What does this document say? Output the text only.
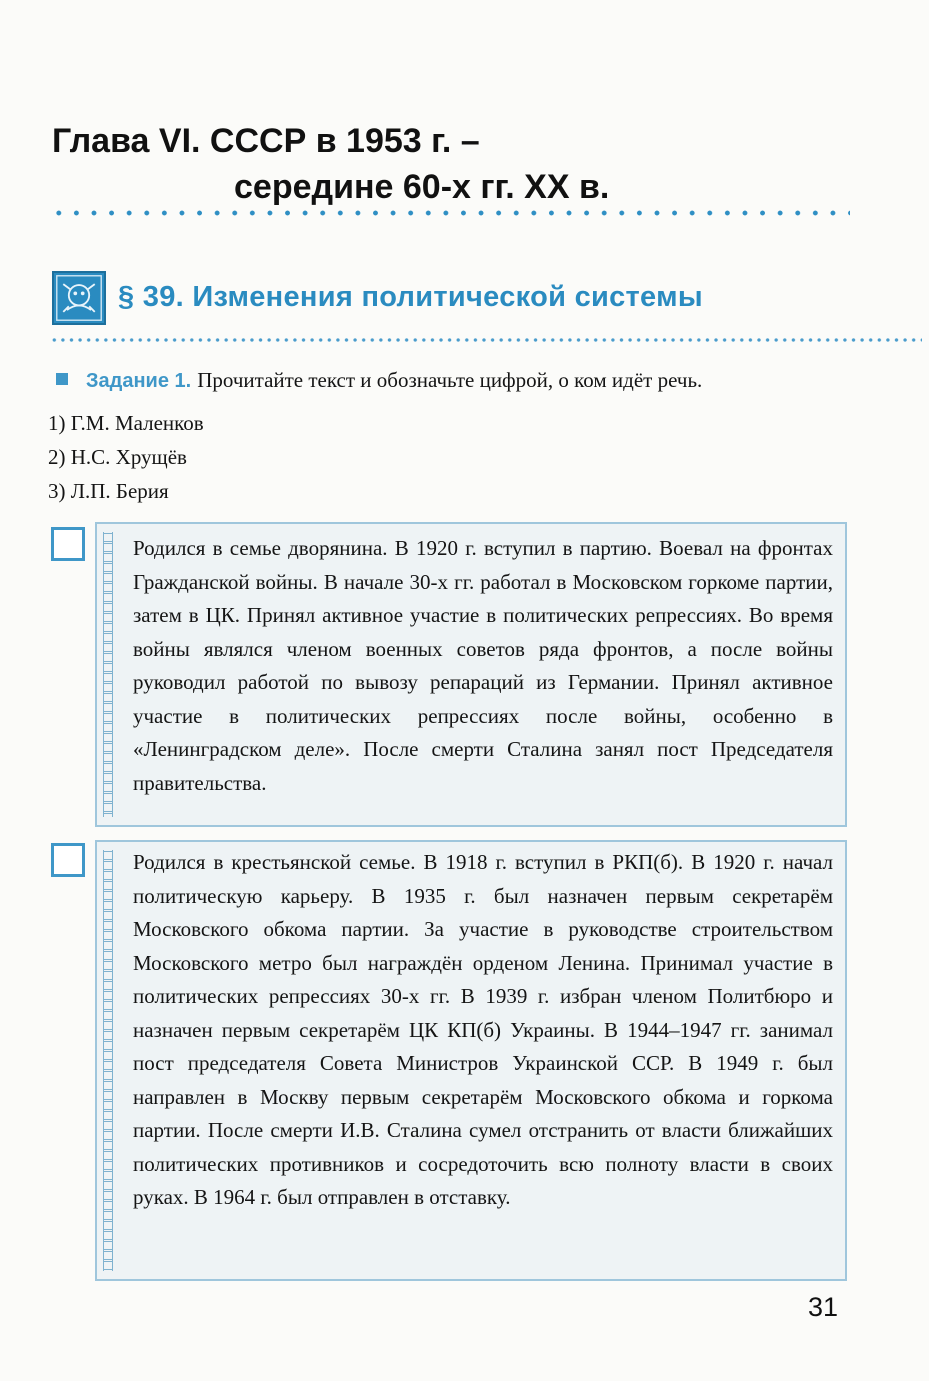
Глава VI. СССР в 1953 г. –
середине 60-х гг. XX в.
§ 39. Изменения политической системы
Задание 1. Прочитайте текст и обозначьте цифрой, о ком идёт речь.
1) Г.М. Маленков
2) Н.С. Хрущёв
3) Л.П. Берия

Родился в семье дворянина. В 1920 г. вступил в партию. Воевал на фронтах Гражданской войны. В начале 30-х гг. работал в Московском горкоме партии, затем в ЦК. Принял активное участие в политических репрессиях. Во время войны являлся членом военных советов ряда фронтов, а после войны руководил работой по вывозу репараций из Германии. Принял активное участие в политических репрессиях после войны, особенно в «Ленинградском деле». После смерти Сталина занял пост Председателя правительства.

Родился в крестьянской семье. В 1918 г. вступил в РКП(б). В 1920 г. начал политическую карьеру. В 1935 г. был назначен первым секретарём Московского обкома партии. За участие в руководстве строительством Московского метро был награждён орденом Ленина. Принимал участие в политических репрессиях 30-х гг. В 1939 г. избран членом Политбюро и назначен первым секретарём ЦК КП(б) Украины. В 1944–1947 гг. занимал пост председателя Совета Министров Украинской ССР. В 1949 г. был направлен в Москву первым секретарём Московского обкома и горкома партии. После смерти И.В. Сталина сумел отстранить от власти ближайших политических противников и сосредоточить всю полноту власти в своих руках. В 1964 г. был отправлен в отставку.

31
